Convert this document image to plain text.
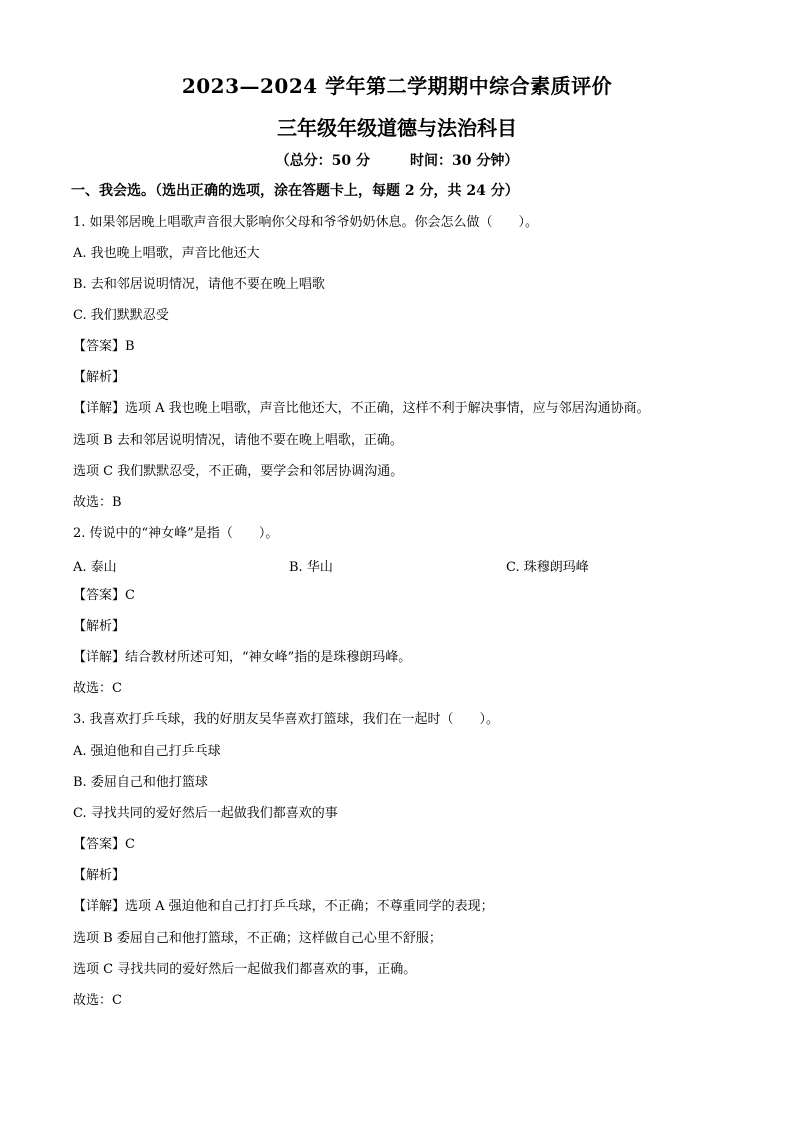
2023—2024 学年第二学期期中综合素质评价
三年级年级道德与法治科目
（总分：50 分	时间：30 分钟）
一、我会选。（选出正确的选项，涂在答题卡上，每题 2 分，共 24 分）
1. 如果邻居晚上唱歌声音很大影响你父母和爷爷奶奶休息。你会怎么做（　　）。
A. 我也晚上唱歌，声音比他还大
B. 去和邻居说明情况，请他不要在晚上唱歌
C. 我们默默忍受
【答案】B
【解析】
【详解】选项 A 我也晚上唱歌，声音比他还大，不正确，这样不利于解决事情，应与邻居沟通协商。
选项 B 去和邻居说明情况，请他不要在晚上唱歌，正确。
选项 C 我们默默忍受，不正确，要学会和邻居协调沟通。
故选：B
2. 传说中的“神女峰”是指（　　）。
A. 泰山	B. 华山	C. 珠穆朗玛峰
【答案】C
【解析】
【详解】结合教材所述可知，“神女峰”指的是珠穆朗玛峰。
故选：C
3. 我喜欢打乒乓球，我的好朋友吴华喜欢打篮球，我们在一起时（　　）。
A. 强迫他和自己打乒乓球
B. 委屈自己和他打篮球
C. 寻找共同的爱好然后一起做我们都喜欢的事
【答案】C
【解析】
【详解】选项 A 强迫他和自己打打乒乓球，不正确；不尊重同学的表现；
选项 B 委屈自己和他打篮球，不正确；这样做自己心里不舒服；
选项 C 寻找共同的爱好然后一起做我们都喜欢的事，正确。
故选：C
